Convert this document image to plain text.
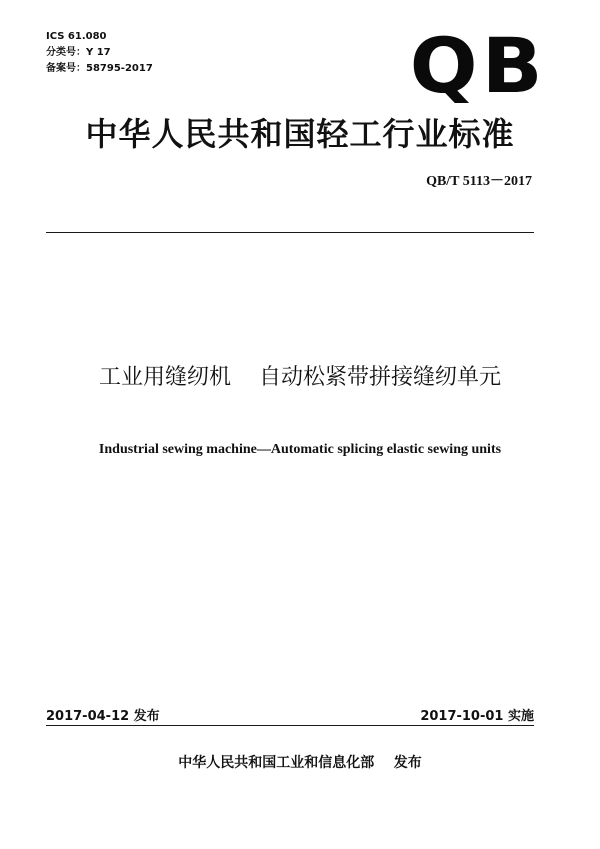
ICS 61.080
分类号：Y 17
备案号：58795-2017	QB
中华人民共和国轻工行业标准
QB/T 5113－2017
工业用缝纫机    自动松紧带拼接缝纫单元
Industrial sewing machine—Automatic splicing elastic sewing units
2017-04-12 发布	2017-10-01 实施
中华人民共和国工业和信息化部    发布
